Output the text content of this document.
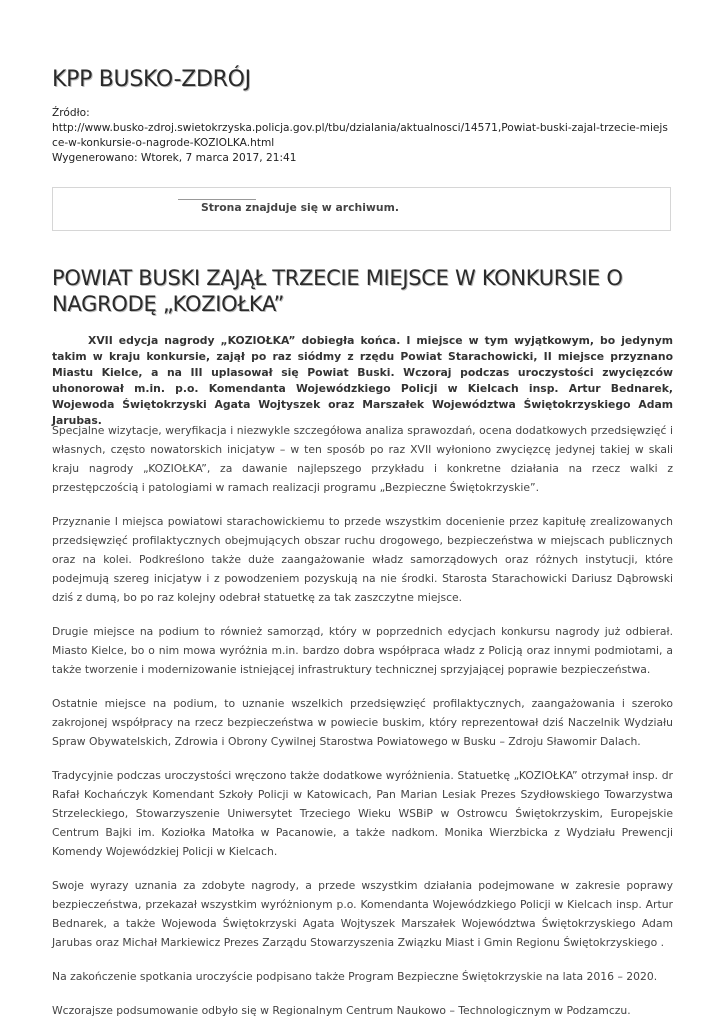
KPP BUSKO-ZDRÓJ
Źródło:
http://www.busko-zdroj.swietokrzyska.policja.gov.pl/tbu/dzialania/aktualnosci/14571,Powiat-buski-zajal-trzecie-miejsce-w-konkursie-o-nagrode-KOZIOLKA.html
Wygenerowano: Wtorek, 7 marca 2017, 21:41
Strona znajduje się w archiwum.
POWIAT BUSKI ZAJĄŁ TRZECIE MIEJSCE W KONKURSIE O NAGRODĘ „KOZIOŁKA”

XVII edycja nagrody „KOZIOŁKA” dobiegła końca. I miejsce w tym wyjątkowym, bo jedynym takim w kraju konkursie, zajął po raz siódmy z rzędu Powiat Starachowicki, II miejsce przyznano Miastu Kielce, a na III uplasował się Powiat Buski. Wczoraj podczas uroczystości zwycięzców uhonorował m.in. p.o. Komendanta Wojewódzkiego Policji w Kielcach insp. Artur Bednarek, Wojewoda Świętokrzyski Agata Wojtyszek oraz Marszałek Województwa Świętokrzyskiego Adam Jarubas.

Specjalne wizytacje, weryfikacja i niezwykle szczegółowa analiza sprawozdań, ocena dodatkowych przedsięwzięć i własnych, często nowatorskich inicjatyw – w ten sposób po raz XVII wyłoniono zwycięzcę jedynej takiej w skali kraju nagrody „KOZIOŁKA”, za dawanie najlepszego przykładu i konkretne działania na rzecz walki z przestępczością i patologiami w ramach realizacji programu „Bezpieczne Świętokrzyskie”.

Przyznanie I miejsca powiatowi starachowickiemu to przede wszystkim docenienie przez kapitułę zrealizowanych przedsięwzięć profilaktycznych obejmujących obszar ruchu drogowego, bezpieczeństwa w miejscach publicznych oraz na kolei. Podkreślono także duże zaangażowanie władz samorządowych oraz różnych instytucji, które podejmują szereg inicjatyw i z powodzeniem pozyskują na nie środki. Starosta Starachowicki Dariusz Dąbrowski dziś z dumą, bo po raz kolejny odebrał statuetkę za tak zaszczytne miejsce.

Drugie miejsce na podium to również samorząd, który w poprzednich edycjach konkursu nagrody już odbierał. Miasto Kielce, bo o nim mowa wyróżnia m.in. bardzo dobra współpraca władz z Policją oraz innymi podmiotami, a także tworzenie i modernizowanie istniejącej infrastruktury technicznej sprzyjającej poprawie bezpieczeństwa.

Ostatnie miejsce na podium, to uznanie wszelkich przedsięwzięć profilaktycznych, zaangażowania i szeroko zakrojonej współpracy na rzecz bezpieczeństwa w powiecie buskim, który reprezentował dziś Naczelnik Wydziału Spraw Obywatelskich, Zdrowia i Obrony Cywilnej Starostwa Powiatowego w Busku – Zdroju Sławomir Dalach.

Tradycyjnie podczas uroczystości wręczono także dodatkowe wyróżnienia. Statuetkę „KOZIOŁKA” otrzymał insp. dr Rafał Kochańczyk Komendant Szkoły Policji w Katowicach, Pan Marian Lesiak Prezes Szydłowskiego Towarzystwa Strzeleckiego, Stowarzyszenie Uniwersytet Trzeciego Wieku WSBiP w Ostrowcu Świętokrzyskim, Europejskie Centrum Bajki im. Koziołka Matołka w Pacanowie, a także nadkom. Monika Wierzbicka z Wydziału Prewencji Komendy Wojewódzkiej Policji w Kielcach.

Swoje wyrazy uznania za zdobyte nagrody, a przede wszystkim działania podejmowane w zakresie poprawy bezpieczeństwa, przekazał wszystkim wyróżnionym p.o. Komendanta Wojewódzkiego Policji w Kielcach insp. Artur Bednarek, a także Wojewoda Świętokrzyski Agata Wojtyszek Marszałek Województwa Świętokrzyskiego Adam Jarubas oraz Michał Markiewicz Prezes Zarządu Stowarzyszenia Związku Miast i Gmin Regionu Świętokrzyskiego .

Na zakończenie spotkania uroczyście podpisano także Program Bezpieczne Świętokrzyskie na lata 2016 – 2020.

Wczorajsze podsumowanie odbyło się w Regionalnym Centrum Naukowo – Technologicznym w Podzamczu.
